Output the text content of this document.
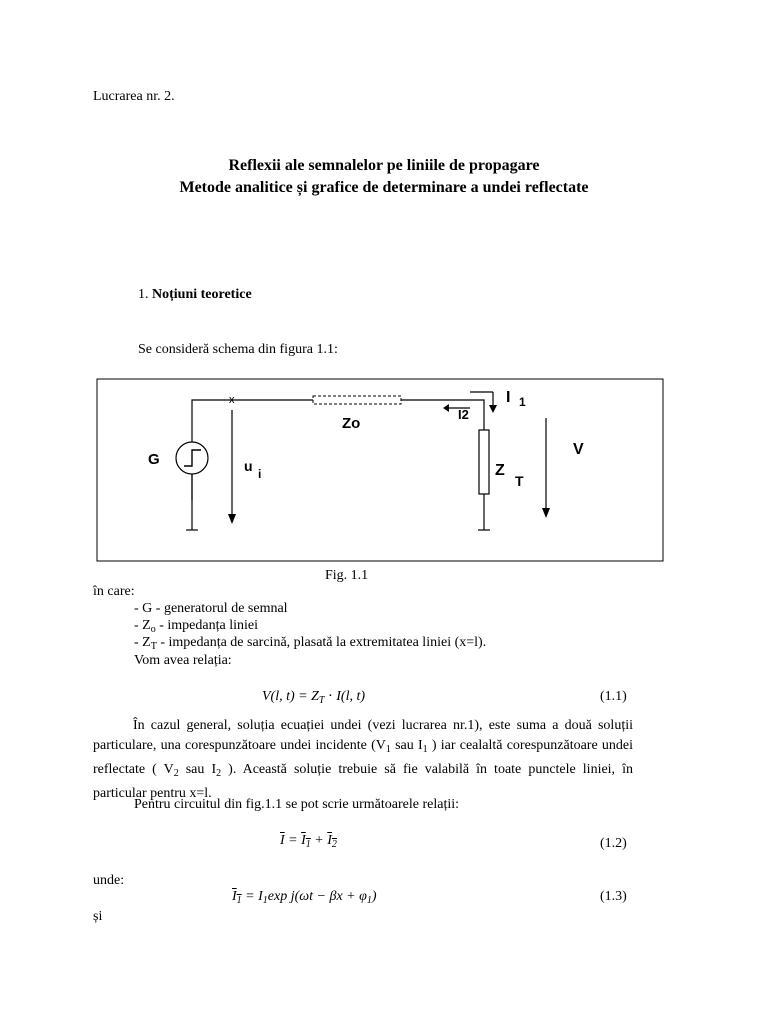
Lucrarea nr. 2.
Reflexii ale semnalelor pe liniile de propagare
Metode analitice și grafice de determinare a undei reflectate
1. Noțiuni teoretice
Se consideră schema din figura 1.1:
G
x
u i
Zo
I 1
I2
Z
T
V
Fig. 1.1
în care:
- G - generatorul de semnal
- $Z_o$ - impedanța liniei
- $Z_T$ - impedanța de sarcină, plasată la extremitatea liniei (x=l).
Vom avea relația:
V(l, $t) = Z_T \cdot I(l$, t)	(1.1)
În cazul general, soluția ecuației undei (vezi lucrarea nr.1), este suma a două soluții particulare, una corespunzătoare undei incidente ($V_1$ sau $I_1$ ) iar cealaltă corespunzătoare undei reflectate ( $V_2$ sau $I_2$ ). Această soluție trebuie să fie valabilă în toate punctele liniei, în particular pentru x=l.
Pentru circuitul din fig.1.1 se pot scrie următoarele relații:
$\overline{I} = I_1 + I_2$	(1.2)
unde:
$I_1 = I_1\exp$ $j(\omega t - \beta x + \varphi_1)$	(1.3)
și
